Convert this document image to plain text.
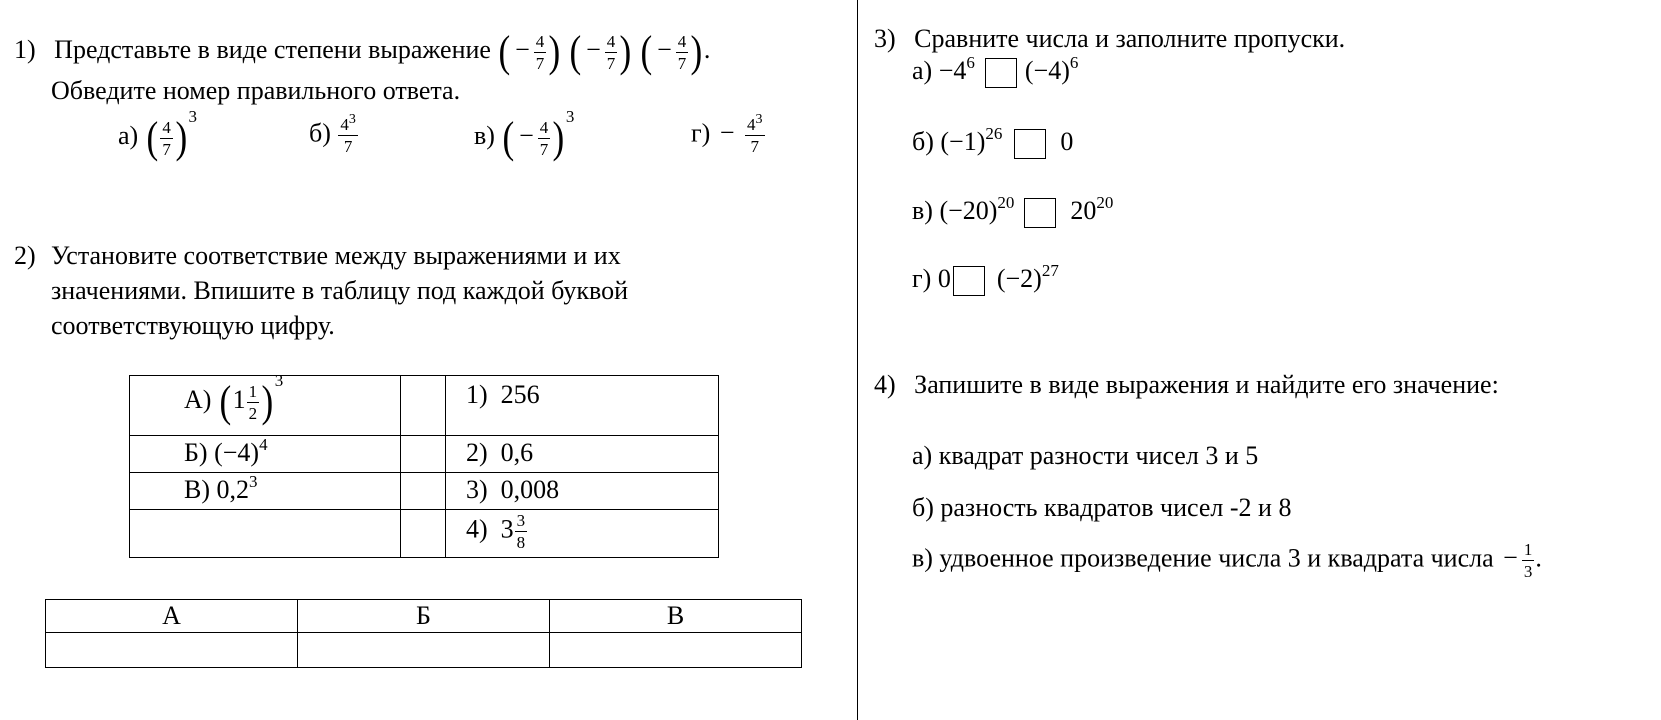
1) Представьте в виде степени выражение ( − $\frac{4}{7}$ ) ( − $\frac{4}{7}$ ) ( − $\frac{4}{7}$ ).
Обведите номер правильного ответа.
а) ( $\frac{4}{7} )^3$
$б) \frac{4^3}{7}$	в) ( − $\frac{4}{7} )^3$
$г) - \frac{4^3}{7}$
2) Установите соответствие между выражениями и их
значениями. Впишите в таблицу под каждой буквой
соответствующую цифру.
А) $(1 \frac{1}{2} )^3$		1) 256

Б) $(-4)^4$		2) 0,6

В) $0,2^3$		3) 0,008

		4) $3 \frac{3}{8}$
А	Б	В

3) Сравните числа и заполните пропуски.
$а) -4^6$ $(-4)^6$
б) $(-1)^{26}$ 0
в) $(-20)^{20}$ $20^{20}$
г) 0 $(-2)^{27}$
4) Запишите в виде выражения и найдите его значение:
а) квадрат разности чисел 3 и 5
б) разность квадратов чисел -2 и 8
в) удвоенное произведение числа 3 и квадрата числа − $\frac{1}{3}$ .
